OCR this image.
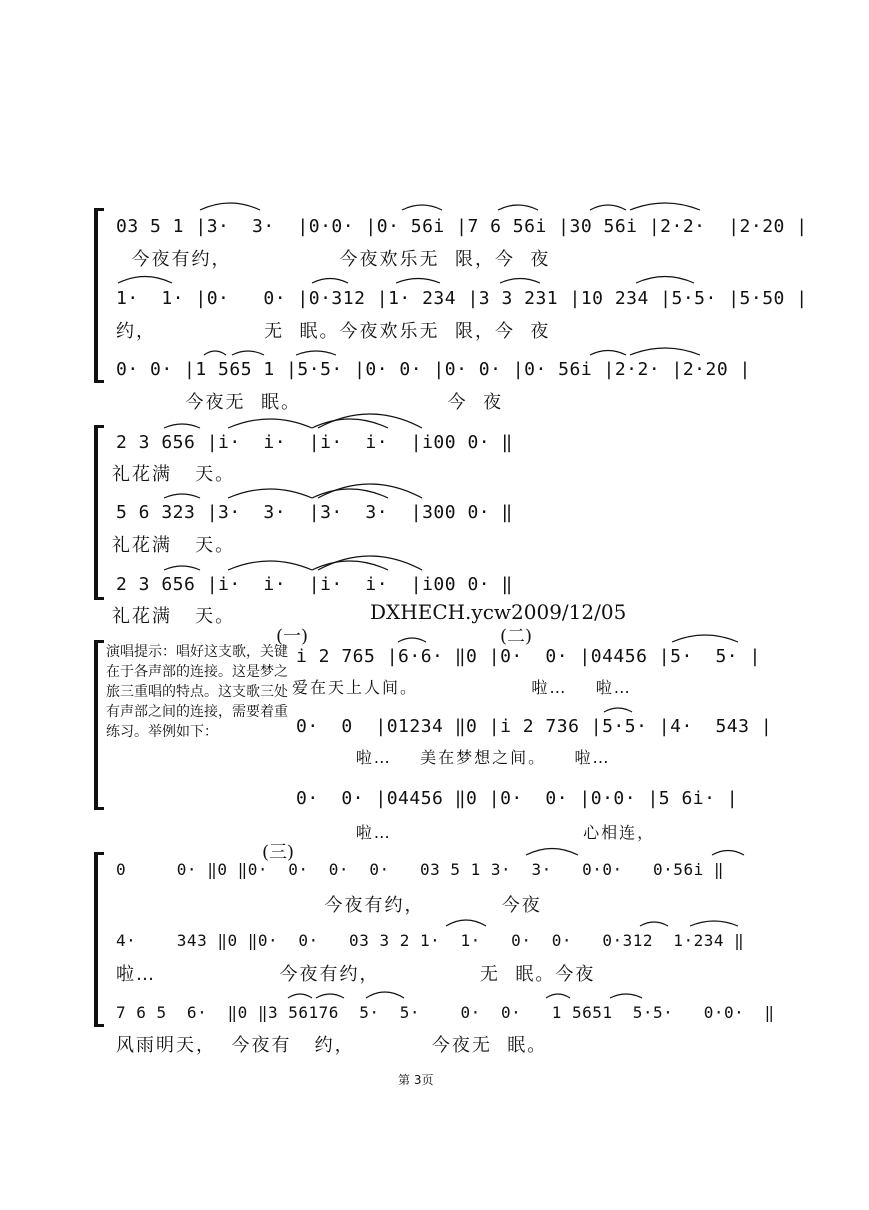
03 5 1 |3·  3·  |0·0· |0· 56i |7 6 56i |30 56i |2·2·  |2·20 |
今夜有约，              今夜欢乐无  限，今  夜
1·  1· |0·   0· |0·312 |1· 234 |3 3 231 |10 234 |5·5· |5·50 |
约，              无  眠。今夜欢乐无  限，今  夜
0· 0· |1 565 1 |5·5· |0· 0· |0· 0· |0· 56i |2·2· |2·20 |
今夜无  眠。                   今  夜
2 3 656 |i·  i·  |i·  i·  |i00 0· ‖
礼花满   天。
5 6 323 |3·  3·  |3·  3·  |300 0· ‖
礼花满   天。
2 3 656 |i·  i·  |i·  i·  |i00 0· ‖
礼花满   天。	DXHECH.ycw2009/12/05
(一)	(二)
演唱提示：唱好这支歌，关键在于各声部的连接。这是梦之旅三重唱的特点。这支歌三处有声部之间的连接，需要着重练习。举例如下：
i 2 765 |6·6· ‖0 |0·  0· |04456 |5·  5· |
爱在天上人间。                啦…    啦…
0·  0  |01234 ‖0 |i 2 736 |5·5· |4·  543 |
啦…    美在梦想之间。    啦…
0·  0· |04456 ‖0 |0·  0· |0·0· |5 6i· |
啦…                           心相连，
(三)
0     0· ‖0 ‖0·  0·  0·  0·   03 5 1 3·  3·   0·0·   0·56i ‖
今夜有约，          今夜
4·    343 ‖0 ‖0·  0·   03 3 2 1·  1·   0·  0·   0·312  1·234 ‖
啦…                今夜有约，             无  眠。今夜
7 6 5  6·  ‖0 ‖3 56176  5·  5·    0·  0·   1 5651  5·5·   0·0·  ‖
风雨明天，  今夜有   约，          今夜无  眠。
第 3页
